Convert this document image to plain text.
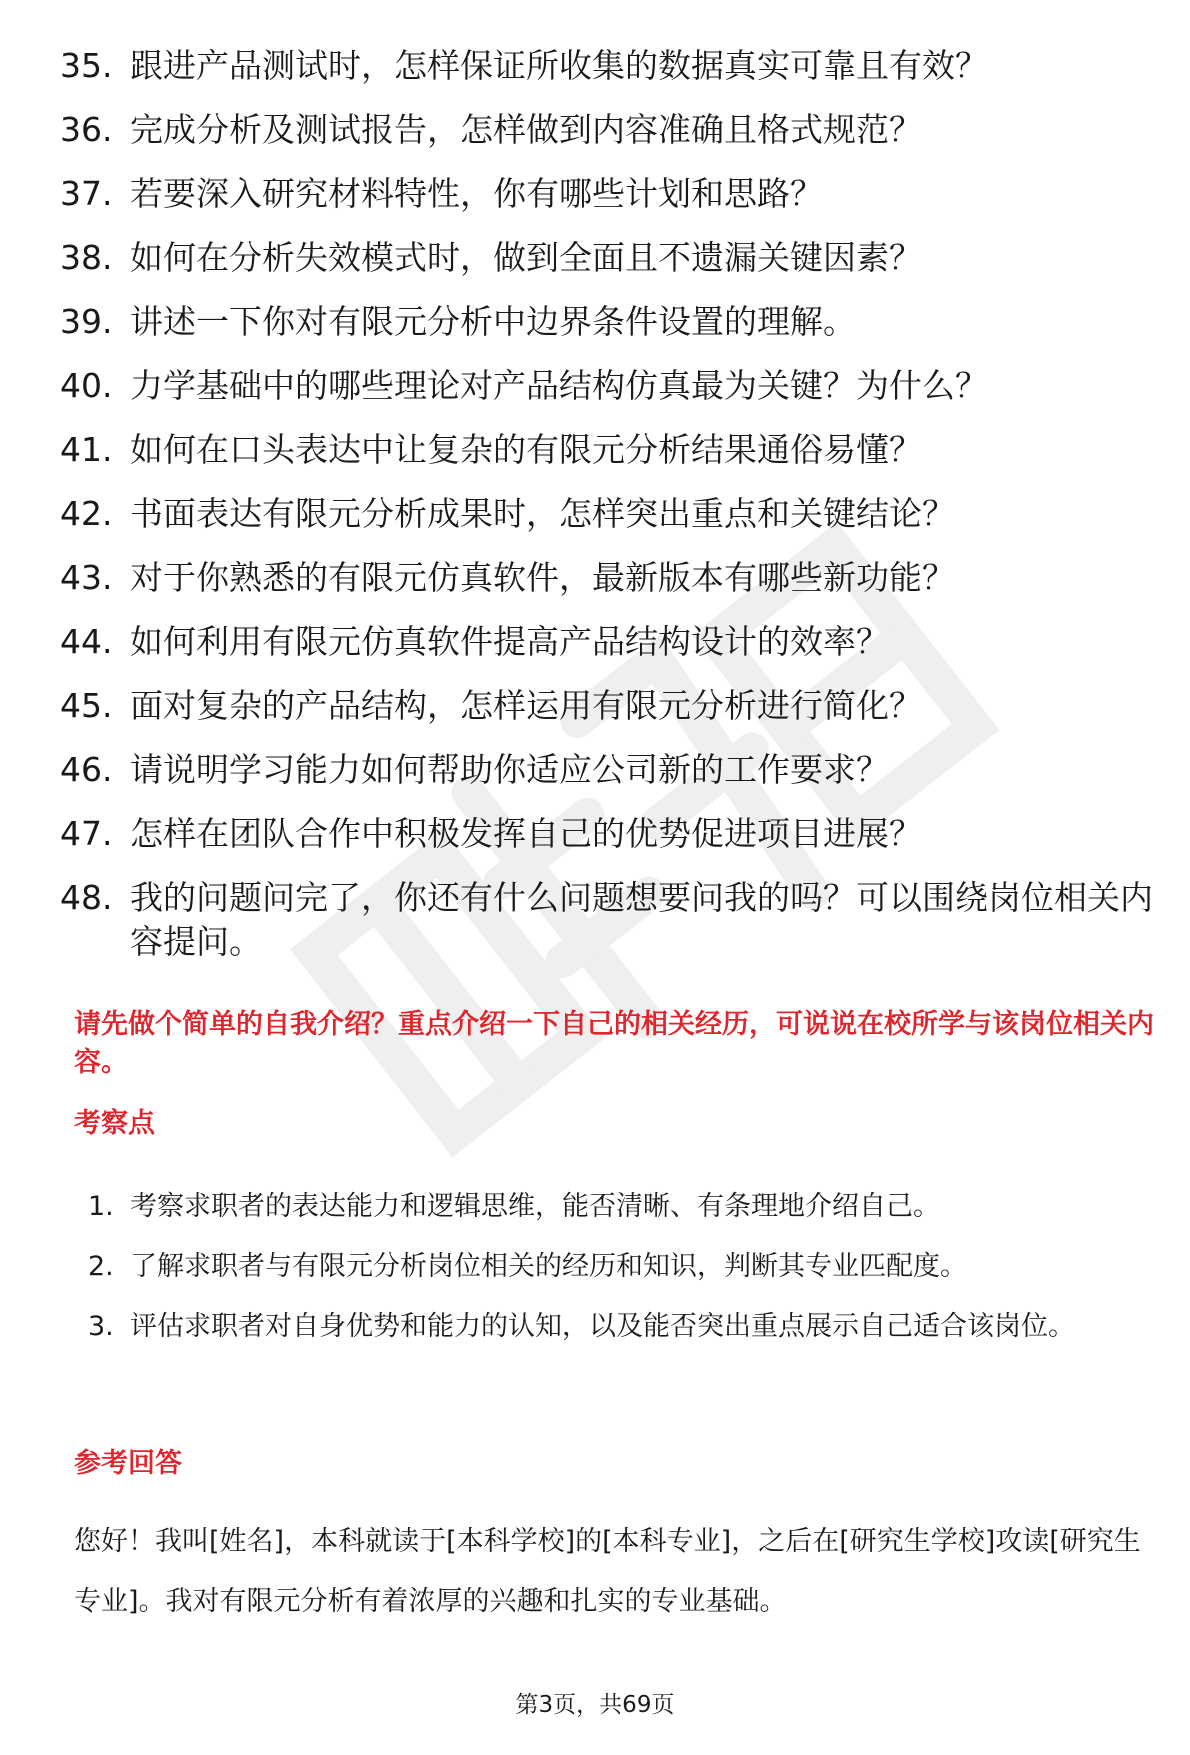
35. 跟进产品测试时，怎样保证所收集的数据真实可靠且有效？
36. 完成分析及测试报告，怎样做到内容准确且格式规范？
37. 若要深入研究材料特性，你有哪些计划和思路？
38. 如何在分析失效模式时，做到全面且不遗漏关键因素？
39. 讲述一下你对有限元分析中边界条件设置的理解。
40. 力学基础中的哪些理论对产品结构仿真最为关键？为什么？
41. 如何在口头表达中让复杂的有限元分析结果通俗易懂？
42. 书面表达有限元分析成果时，怎样突出重点和关键结论？
43. 对于你熟悉的有限元仿真软件，最新版本有哪些新功能？
44. 如何利用有限元仿真软件提高产品结构设计的效率？
45. 面对复杂的产品结构，怎样运用有限元分析进行简化？
46. 请说明学习能力如何帮助你适应公司新的工作要求？
47. 怎样在团队合作中积极发挥自己的优势促进项目进展？
48. 我的问题问完了，你还有什么问题想要问我的吗？可以围绕岗位相关内容提问。
请先做个简单的自我介绍？重点介绍一下自己的相关经历，可说说在校所学与该岗位相关内容。
考察点
1. 考察求职者的表达能力和逻辑思维，能否清晰、有条理地介绍自己。
2. 了解求职者与有限元分析岗位相关的经历和知识，判断其专业匹配度。
3. 评估求职者对自身优势和能力的认知，以及能否突出重点展示自己适合该岗位。
参考回答
您好！我叫[姓名]，本科就读于[本科学校]的[本科专业]，之后在[研究生学校]攻读[研究生专业]。我对有限元分析有着浓厚的兴趣和扎实的专业基础。
第3页，共69页
